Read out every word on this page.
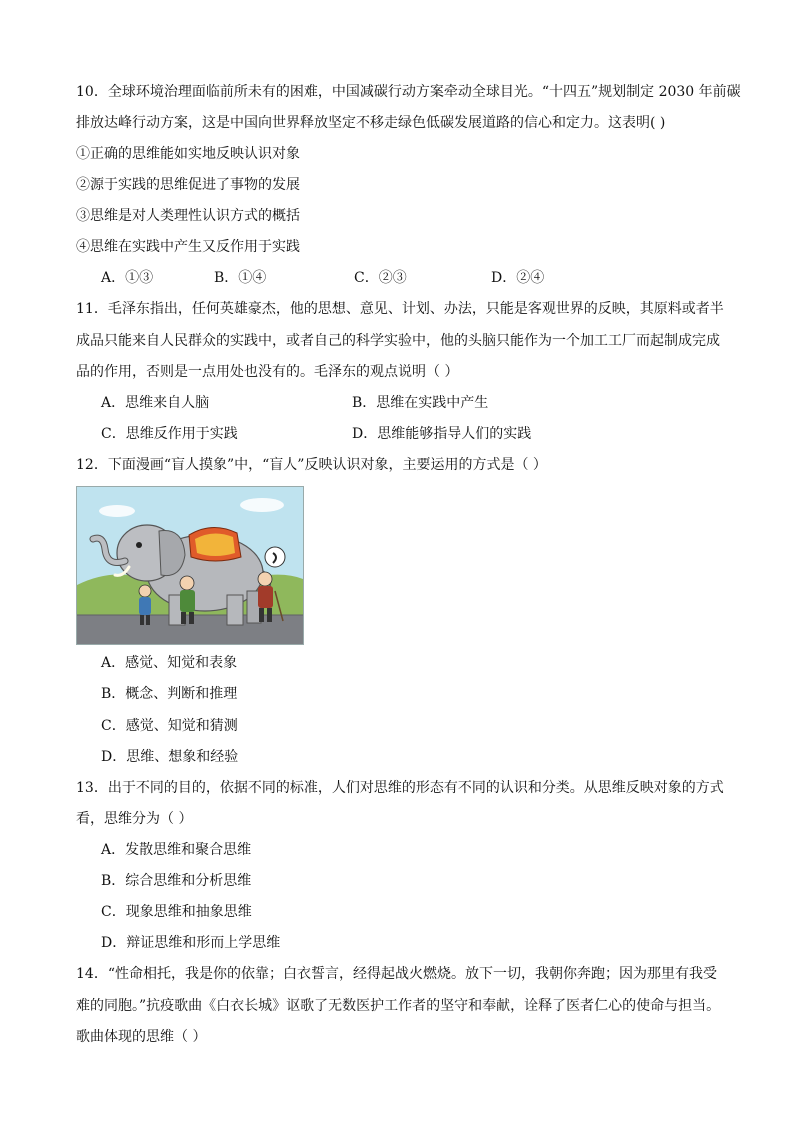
10．全球环境治理面临前所未有的困难，中国减碳行动方案牵动全球目光。“十四五”规划制定 2030 年前碳
排放达峰行动方案，这是中国向世界释放坚定不移走绿色低碳发展道路的信心和定力。这表明( )
①正确的思维能如实地反映认识对象
②源于实践的思维促进了事物的发展
③思维是对人类理性认识方式的概括
④思维在实践中产生又反作用于实践
A．①③	B．①④	C．②③	D．②④
11．毛泽东指出，任何英雄豪杰，他的思想、意见、计划、办法，只能是客观世界的反映，其原料或者半
成品只能来自人民群众的实践中，或者自己的科学实验中，他的头脑只能作为一个加工工厂而起制成完成
品的作用，否则是一点用处也没有的。毛泽东的观点说明（ ）
A．思维来自人脑	B．思维在实践中产生
C．思维反作用于实践	D．思维能够指导人们的实践
12．下面漫画“盲人摸象”中，“盲人”反映认识对象，主要运用的方式是（ ）
A．感觉、知觉和表象
B．概念、判断和推理
C．感觉、知觉和猜测
D．思维、想象和经验
13．出于不同的目的，依据不同的标准，人们对思维的形态有不同的认识和分类。从思维反映对象的方式
看，思维分为（ ）
A．发散思维和聚合思维
B．综合思维和分析思维
C．现象思维和抽象思维
D．辩证思维和形而上学思维
14．“性命相托，我是你的依靠；白衣誓言，经得起战火燃烧。放下一切，我朝你奔跑；因为那里有我受
难的同胞。”抗疫歌曲《白衣长城》讴歌了无数医护工作者的坚守和奉献，诠释了医者仁心的使命与担当。
歌曲体现的思维（ ）
